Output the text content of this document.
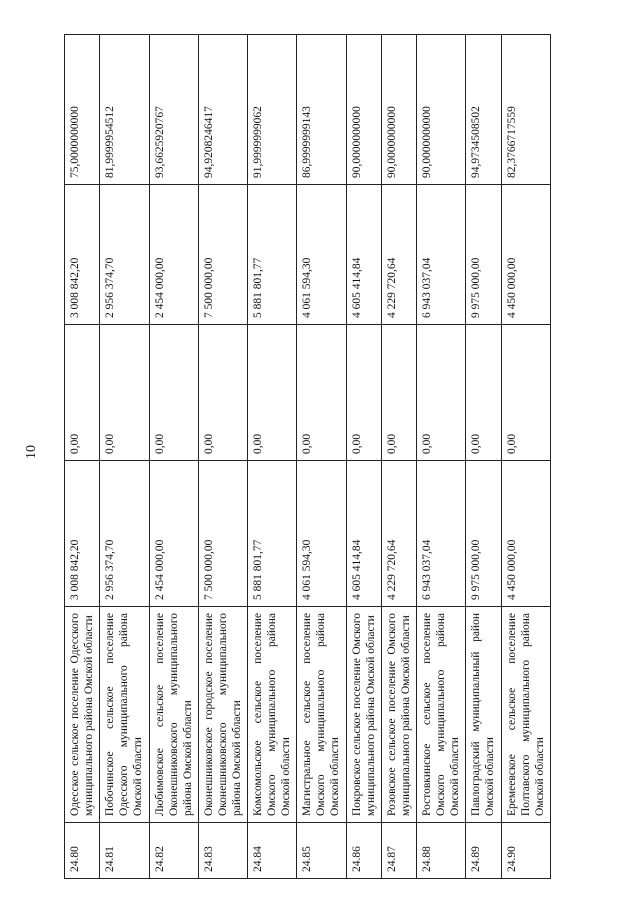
10
24.80	Одесское сельское поселение Одесского муниципального района Омской области	3 008 842,20	0,00	3 008 842,20	75,0000000000
24.81	Побочинское сельское поселение Одесского муниципального района Омской области	2 956 374,70	0,00	2 956 374,70	81,9999954512
24.82	Любимовское сельское поселение Оконешниковского муниципального района Омской области	2 454 000,00	0,00	2 454 000,00	93,6625920767
24.83	Оконешниковское городское поселение Оконешниковского муниципального района Омской области	7 500 000,00	0,00	7 500 000,00	94,9208246417
24.84	Комсомольское сельское поселение Омского муниципального района Омской области	5 881 801,77	0,00	5 881 801,77	91,9999999062
24.85	Магистральное сельское поселение Омского муниципального района Омской области	4 061 594,30	0,00	4 061 594,30	86,9999999143
24.86	Покровское сельское поселение Омского муниципального района Омской области	4 605 414,84	0,00	4 605 414,84	90,0000000000
24.87	Розовское сельское поселение Омского муниципального района Омской области	4 229 720,64	0,00	4 229 720,64	90,0000000000
24.88	Ростовкинское сельское поселение Омского муниципального района Омской области	6 943 037,04	0,00	6 943 037,04	90,0000000000
24.89	Павлоградский муниципальный район Омской области	9 975 000,00	0,00	9 975 000,00	94,9734508502
24.90	Еремеевское сельское поселение Полтавского муниципального района Омской области	4 450 000,00	0,00	4 450 000,00	82,3766717559
